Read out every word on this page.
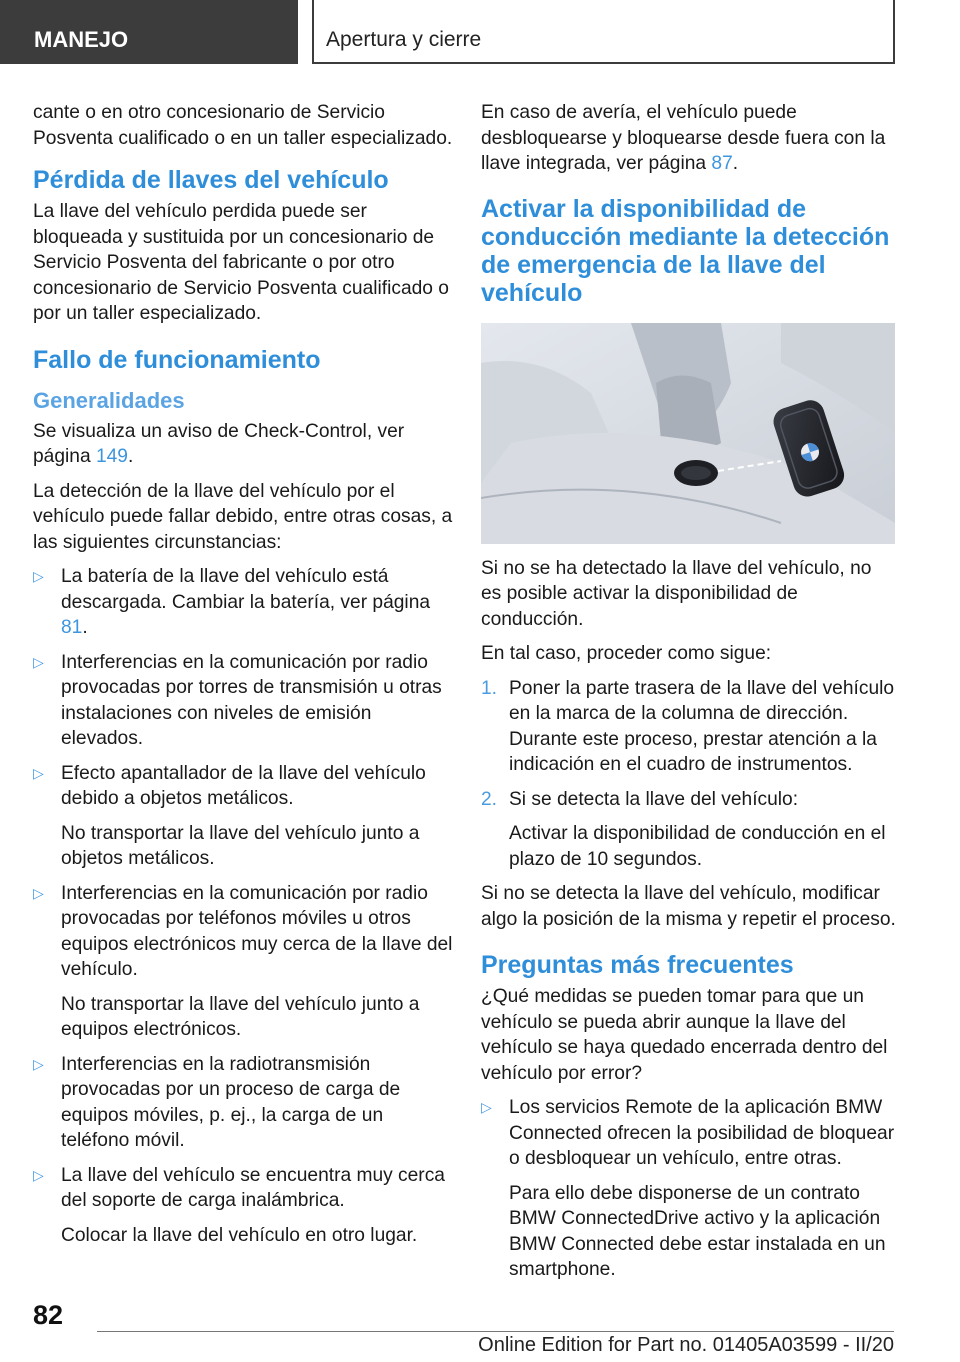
MANEJO	Apertura y cierre

cante o en otro concesionario de Servicio Posventa cualificado o en un taller especializado.

Pérdida de llaves del vehículo

La llave del vehículo perdida puede ser bloqueada y sustituida por un concesionario de Servicio Posventa del fabricante o por otro concesionario de Servicio Posventa cualificado o por un taller especializado.

Fallo de funcionamiento
Generalidades

Se visualiza un aviso de Check-Control, ver página 149.

La detección de la llave del vehículo por el vehículo puede fallar debido, entre otras cosas, a las siguientes circunstancias:

▷ La batería de la llave del vehículo está descargada. Cambiar la batería, ver página 81.

▷ Interferencias en la comunicación por radio provocadas por torres de transmisión u otras instalaciones con niveles de emisión elevados.

▷ Efecto apantallador de la llave del vehículo debido a objetos metálicos.

No transportar la llave del vehículo junto a objetos metálicos.

▷ Interferencias en la comunicación por radio provocadas por teléfonos móviles u otros equipos electrónicos muy cerca de la llave del vehículo.

No transportar la llave del vehículo junto a equipos electrónicos.

▷ Interferencias en la radiotransmisión provocadas por un proceso de carga de equipos móviles, p. ej., la carga de un teléfono móvil.

▷ La llave del vehículo se encuentra muy cerca del soporte de carga inalámbrica.

Colocar la llave del vehículo en otro lugar.

En caso de avería, el vehículo puede desbloquearse y bloquearse desde fuera con la llave integrada, ver página 87.

Activar la disponibilidad de conducción mediante la detección de emergencia de la llave del vehículo

Si no se ha detectado la llave del vehículo, no es posible activar la disponibilidad de conducción.

En tal caso, proceder como sigue:

1. Poner la parte trasera de la llave del vehículo en la marca de la columna de dirección. Durante este proceso, prestar atención a la indicación en el cuadro de instrumentos.

2. Si se detecta la llave del vehículo:

Activar la disponibilidad de conducción en el plazo de 10 segundos.

Si no se detecta la llave del vehículo, modificar algo la posición de la misma y repetir el proceso.

Preguntas más frecuentes

¿Qué medidas se pueden tomar para que un vehículo se pueda abrir aunque la llave del vehículo se haya quedado encerrada dentro del vehículo por error?

▷ Los servicios Remote de la aplicación BMW Connected ofrecen la posibilidad de bloquear o desbloquear un vehículo, entre otras.

Para ello debe disponerse de un contrato BMW ConnectedDrive activo y la aplicación BMW Connected debe estar instalada en un smartphone.

82
Online Edition for Part no. 01405A03599 - II/20
